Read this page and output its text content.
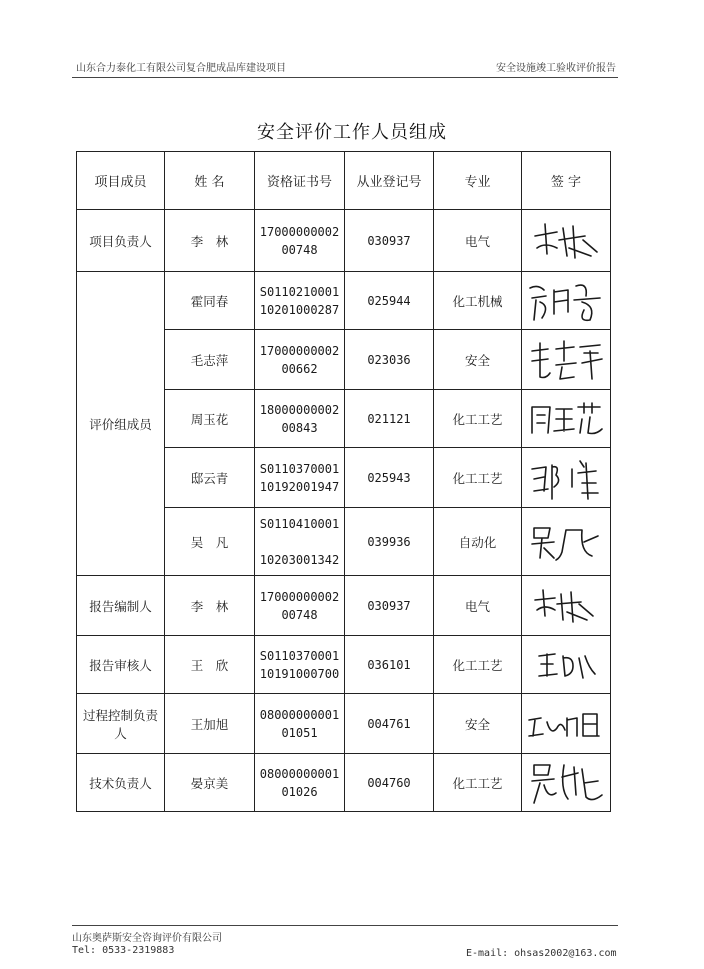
山东合力泰化工有限公司复合肥成品库建设项目	安全设施竣工验收评价报告
安全评价工作人员组成
项目成员	姓 名	资格证书号	从业登记号	专业	签 字
项目负责人	李　林	17000000002
00748	030937	电气	

评价组成员	霍同春	S0110210001
10201000287	025944	化工机械	

	毛志萍	17000000002
00662	023036	安全	

	周玉花	18000000002
00843	021121	化工工艺	

	邸云青	S0110370001
10192001947	025943	化工工艺	

	吴　凡	S0110410001

10203001342	039936	自动化	

报告编制人	李　林	17000000002
00748	030937	电气	

报告审核人	王　欣	S0110370001
10191000700	036101	化工工艺	

过程控制负责人	王加旭	08000000001
01051	004761	安全	

技术负责人	晏京美	08000000001
01026	004760	化工工艺	
山东奥萨斯安全咨询评价有限公司
Tel: 0533-2319883	E-mail: ohsas2002@163.com
